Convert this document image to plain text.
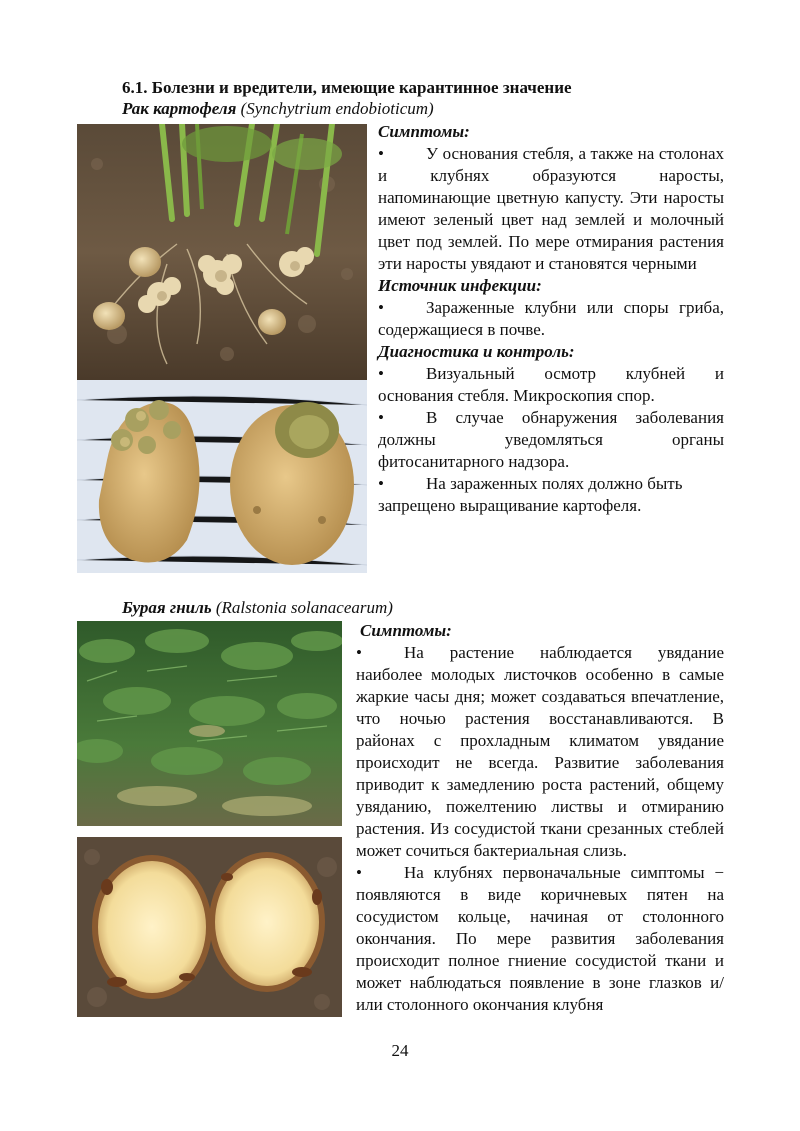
6.1. Болезни и вредители, имеющие карантинное значение
Рак картофеля (Synchytrium endobioticum)
Симптомы:

• У основания стебля, а также на столонах и клубнях образуются наросты, напоминающие цветную капусту. Эти наросты имеют зеленый цвет над землей и молочный цвет под землей. По мере отмирания растения эти наросты увядают и становятся черными

Источник инфекции:

• Зараженные клубни или споры гриба, содержащиеся в почве.

Диагностика и контроль:

• Визуальный осмотр клубней и основания стебля. Микроскопия спор.

• В случае обнаружения заболевания должны уведомляться органы фитосанитарного надзора.

• На зараженных полях должно быть запрещено выращивание картофеля.

Бурая гниль (Ralstonia solanacearum)
Симптомы:

• На растение наблюдается увядание наиболее молодых листочков особенно в самые жаркие часы дня; может создаваться впечатление, что ночью растения восстанавливаются. В районах с прохладным климатом увядание происходит не всегда. Развитие заболевания приводит к замедлению роста растений, общему увяданию, пожелтению листвы и отмиранию растения. Из сосудистой ткани срезанных стеблей может сочиться бактериальная слизь.

• На клубнях первоначальные симптомы − появляются в виде коричневых пятен на сосудистом кольце, начиная от столонного окончания. По мере развития заболевания происходит полное гниение сосудистой ткани и может наблюдаться появление в зоне глазков и/или столонного окончания клубня

24
